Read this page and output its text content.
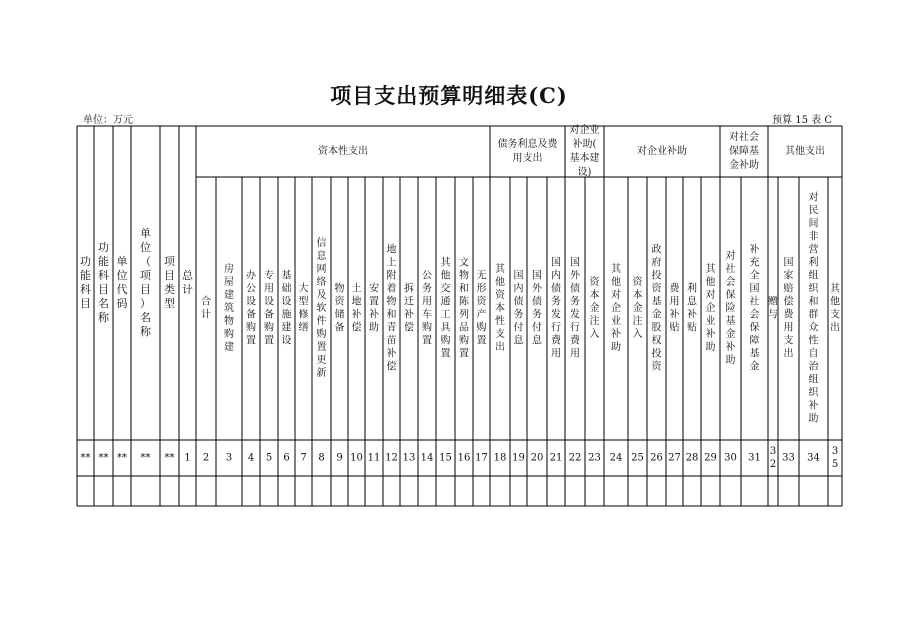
项目支出预算明细表(C)
单位：万元	预算 15 表 C
功能科目
功能科目名称
单位代码
单位（项目）名称
项目类型
总计
资本性支出
债务利息及费
用支出
对企业
补助(
基本建
设)
对企业补助
对社会
保障基
金补助
其他支出
合计
房屋建筑物购建
办公设备购置
专用设备购置
基础设施建设
大型修缮
信息网络及软件购置更新
物资储备
土地补偿
安置补助
地上附着物和青苗补偿
拆迁补偿
公务用车购置
其他交通工具购置
文物和陈列品购置
无形资产购置
其他资本性支出
国内债务付息
国外债务付息
国内债务发行费用
国外债务发行费用
资本金注入
其他对企业补助
资本金注入
政府投资基金股权投资
费用补贴
利息补贴
其他对企业补助
对社会保险基金补助
补充全国社会保障基金
赠与
国家赔偿费用支出
对民间非营利组织和群众性自治组织补助
其他支出
** ** ** ** ** 1 2 3 4 5 6 7 8 9 10 11 12 13 14 15 16 17 18 19 20 21 22 23 24 25 26 27 28 29 30 31
3 2
33 34
3 5
